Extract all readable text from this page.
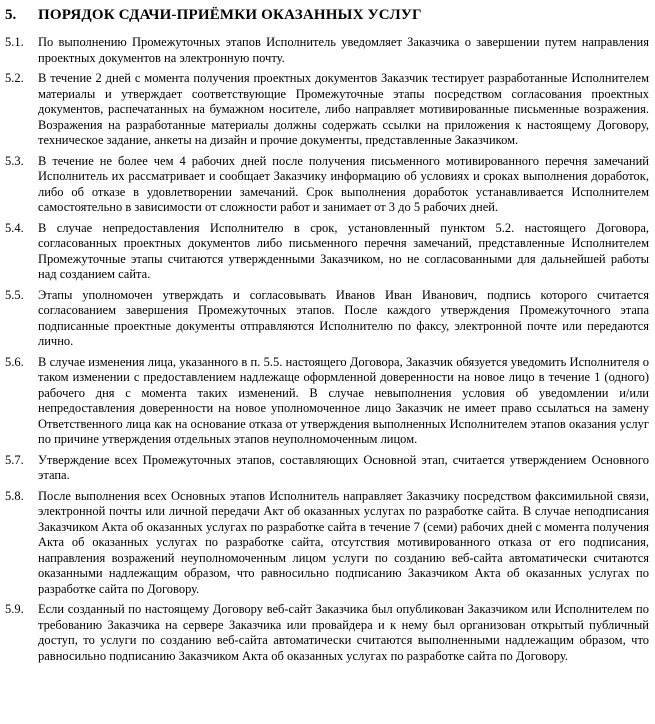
5.	ПОРЯДОК СДАЧИ-ПРИЁМКИ ОКАЗАННЫХ УСЛУГ
5.1.	По выполнению Промежуточных этапов Исполнитель уведомляет Заказчика о завершении путем направления проектных документов на электронную почту.

5.2.	В течение 2 дней с момента получения проектных документов Заказчик тестирует разработанные Исполнителем материалы и утверждает соответствующие Промежуточные этапы посредством согласования проектных документов, распечатанных на бумажном носителе, либо направляет мотивированные письменные возражения. Возражения на разработанные материалы должны содержать ссылки на приложения к настоящему Договору, техническое задание, анкеты на дизайн и прочие документы, представленные Заказчиком.

5.3.	В течение не более чем 4 рабочих дней после получения письменного мотивированного перечня замечаний Исполнитель их рассматривает и сообщает Заказчику информацию об условиях и сроках выполнения доработок, либо об отказе в удовлетворении замечаний. Срок выполнения доработок устанавливается Исполнителем самостоятельно в зависимости от сложности работ и занимает от 3 до 5 рабочих дней.

5.4.	В случае непредоставления Исполнителю в срок, установленный пунктом 5.2. настоящего Договора, согласованных проектных документов либо письменного перечня замечаний, представленные Исполнителем Промежуточные этапы считаются утвержденными Заказчиком, но не согласованными для дальнейшей работы над созданием сайта.

5.5.	Этапы уполномочен утверждать и согласовывать Иванов Иван Иванович, подпись которого считается согласованием завершения Промежуточных этапов. После каждого утверждения Промежуточного этапа подписанные проектные документы отправляются Исполнителю по факсу, электронной почте или передаются лично.

5.6.	В случае изменения лица, указанного в п. 5.5. настоящего Договора, Заказчик обязуется уведомить Исполнителя о таком изменении с предоставлением надлежаще оформленной доверенности на новое лицо в течение 1 (одного) рабочего дня с момента таких изменений. В случае невыполнения условия об уведомлении и/или непредоставления доверенности на новое уполномоченное лицо Заказчик не имеет право ссылаться на замену Ответственного лица как на основание отказа от утверждения выполненных Исполнителем этапов оказания услуг по причине утверждения отдельных этапов неуполномоченным лицом.

5.7.	Утверждение всех Промежуточных этапов, составляющих Основной этап, считается утверждением Основного этапа.

5.8.	После выполнения всех Основных этапов Исполнитель направляет Заказчику посредством факсимильной связи, электронной почты или личной передачи Акт об оказанных услугах по разработке сайта. В случае неподписания Заказчиком Акта об оказанных услугах по разработке сайта в течение 7 (семи) рабочих дней с момента получения Акта об оказанных услугах по разработке сайта, отсутствия мотивированного отказа от его подписания, направления возражений неуполномоченным лицом услуги по созданию веб-сайта автоматически считаются оказанными надлежащим образом, что равносильно подписанию Заказчиком Акта об оказанных услугах по разработке сайта по Договору.

5.9.	Если созданный по настоящему Договору веб-сайт Заказчика был опубликован Заказчиком или Исполнителем по требованию Заказчика на сервере Заказчика или провайдера и к нему был организован открытый публичный доступ, то услуги по созданию веб-сайта автоматически считаются выполненными надлежащим образом, что равносильно подписанию Заказчиком Акта об оказанных услугах по разработке сайта по Договору.
